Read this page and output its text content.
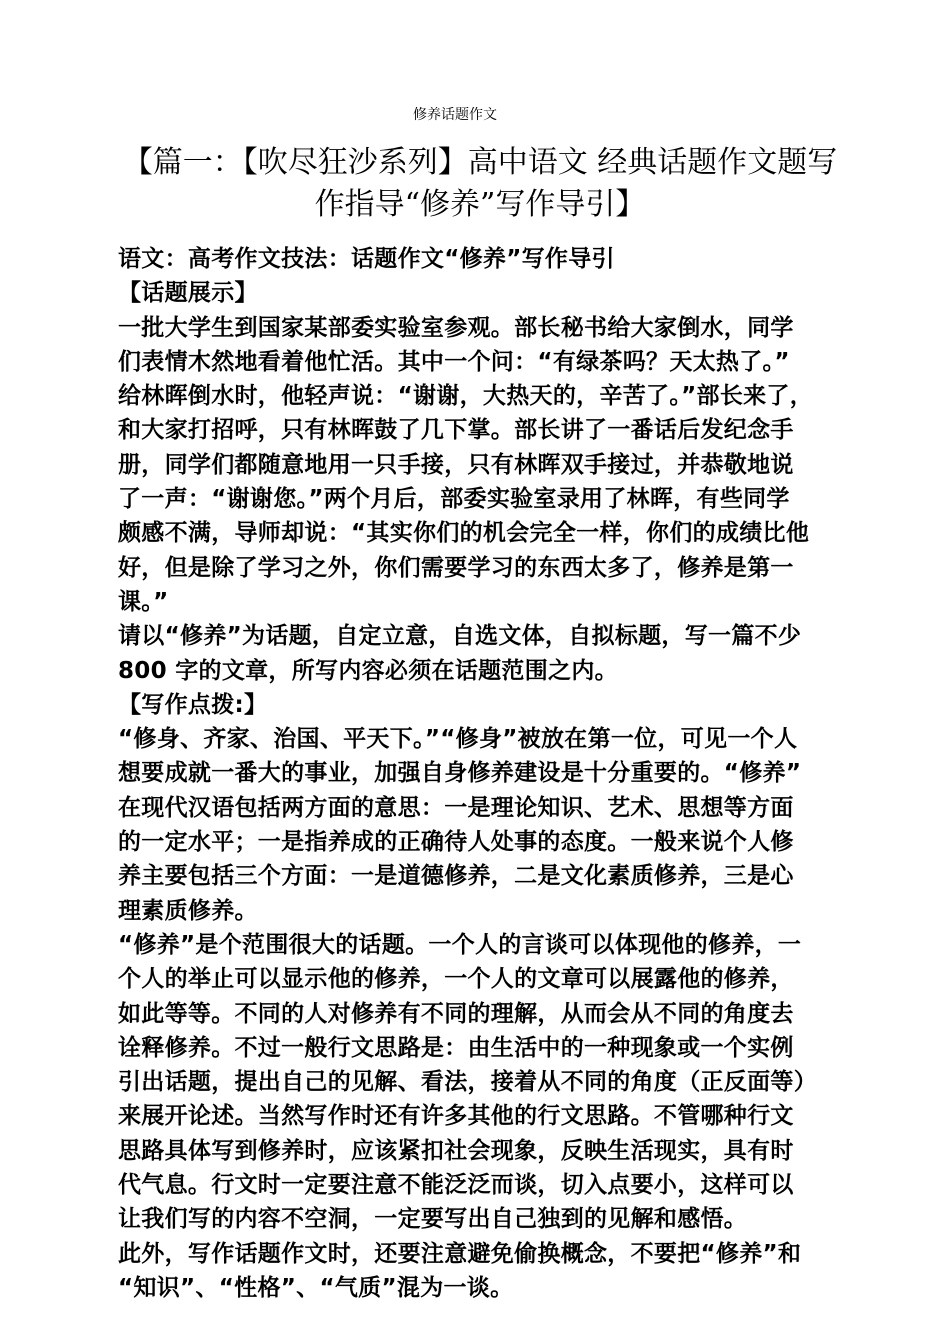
修养话题作文
【篇一：【吹尽狂沙系列】高中语文 经典话题作文题写
作指导“修养”写作导引】
语文：高考作文技法：话题作文“修养”写作导引
【话题展示】
一批大学生到国家某部委实验室参观。部长秘书给大家倒水，同学
们表情木然地看着他忙活。其中一个问：“有绿茶吗？天太热了。”
给林晖倒水时，他轻声说：“谢谢，大热天的，辛苦了。”部长来了，
和大家打招呼，只有林晖鼓了几下掌。部长讲了一番话后发纪念手
册，同学们都随意地用一只手接，只有林晖双手接过，并恭敬地说
了一声：“谢谢您。”两个月后，部委实验室录用了林晖，有些同学
颇感不满，导师却说：“其实你们的机会完全一样，你们的成绩比他
好，但是除了学习之外，你们需要学习的东西太多了，修养是第一
课。”
请以“修养”为话题，自定立意，自选文体，自拟标题，写一篇不少
800 字的文章，所写内容必须在话题范围之内。
【写作点拨:】
“修身、齐家、治国、平天下。”“修身”被放在第一位，可见一个人
想要成就一番大的事业，加强自身修养建设是十分重要的。“修养”
在现代汉语包括两方面的意思：一是理论知识、艺术、思想等方面
的一定水平；一是指养成的正确待人处事的态度。一般来说个人修
养主要包括三个方面：一是道德修养，二是文化素质修养，三是心
理素质修养。
“修养”是个范围很大的话题。一个人的言谈可以体现他的修养，一
个人的举止可以显示他的修养，一个人的文章可以展露他的修养，
如此等等。不同的人对修养有不同的理解，从而会从不同的角度去
诠释修养。不过一般行文思路是：由生活中的一种现象或一个实例
引出话题，提出自己的见解、看法，接着从不同的角度（正反面等）
来展开论述。当然写作时还有许多其他的行文思路。不管哪种行文
思路具体写到修养时，应该紧扣社会现象，反映生活现实，具有时
代气息。行文时一定要注意不能泛泛而谈，切入点要小，这样可以
让我们写的内容不空洞，一定要写出自己独到的见解和感悟。
此外，写作话题作文时，还要注意避免偷换概念，不要把“修养”和
“知识”、“性格”、“气质”混为一谈。
